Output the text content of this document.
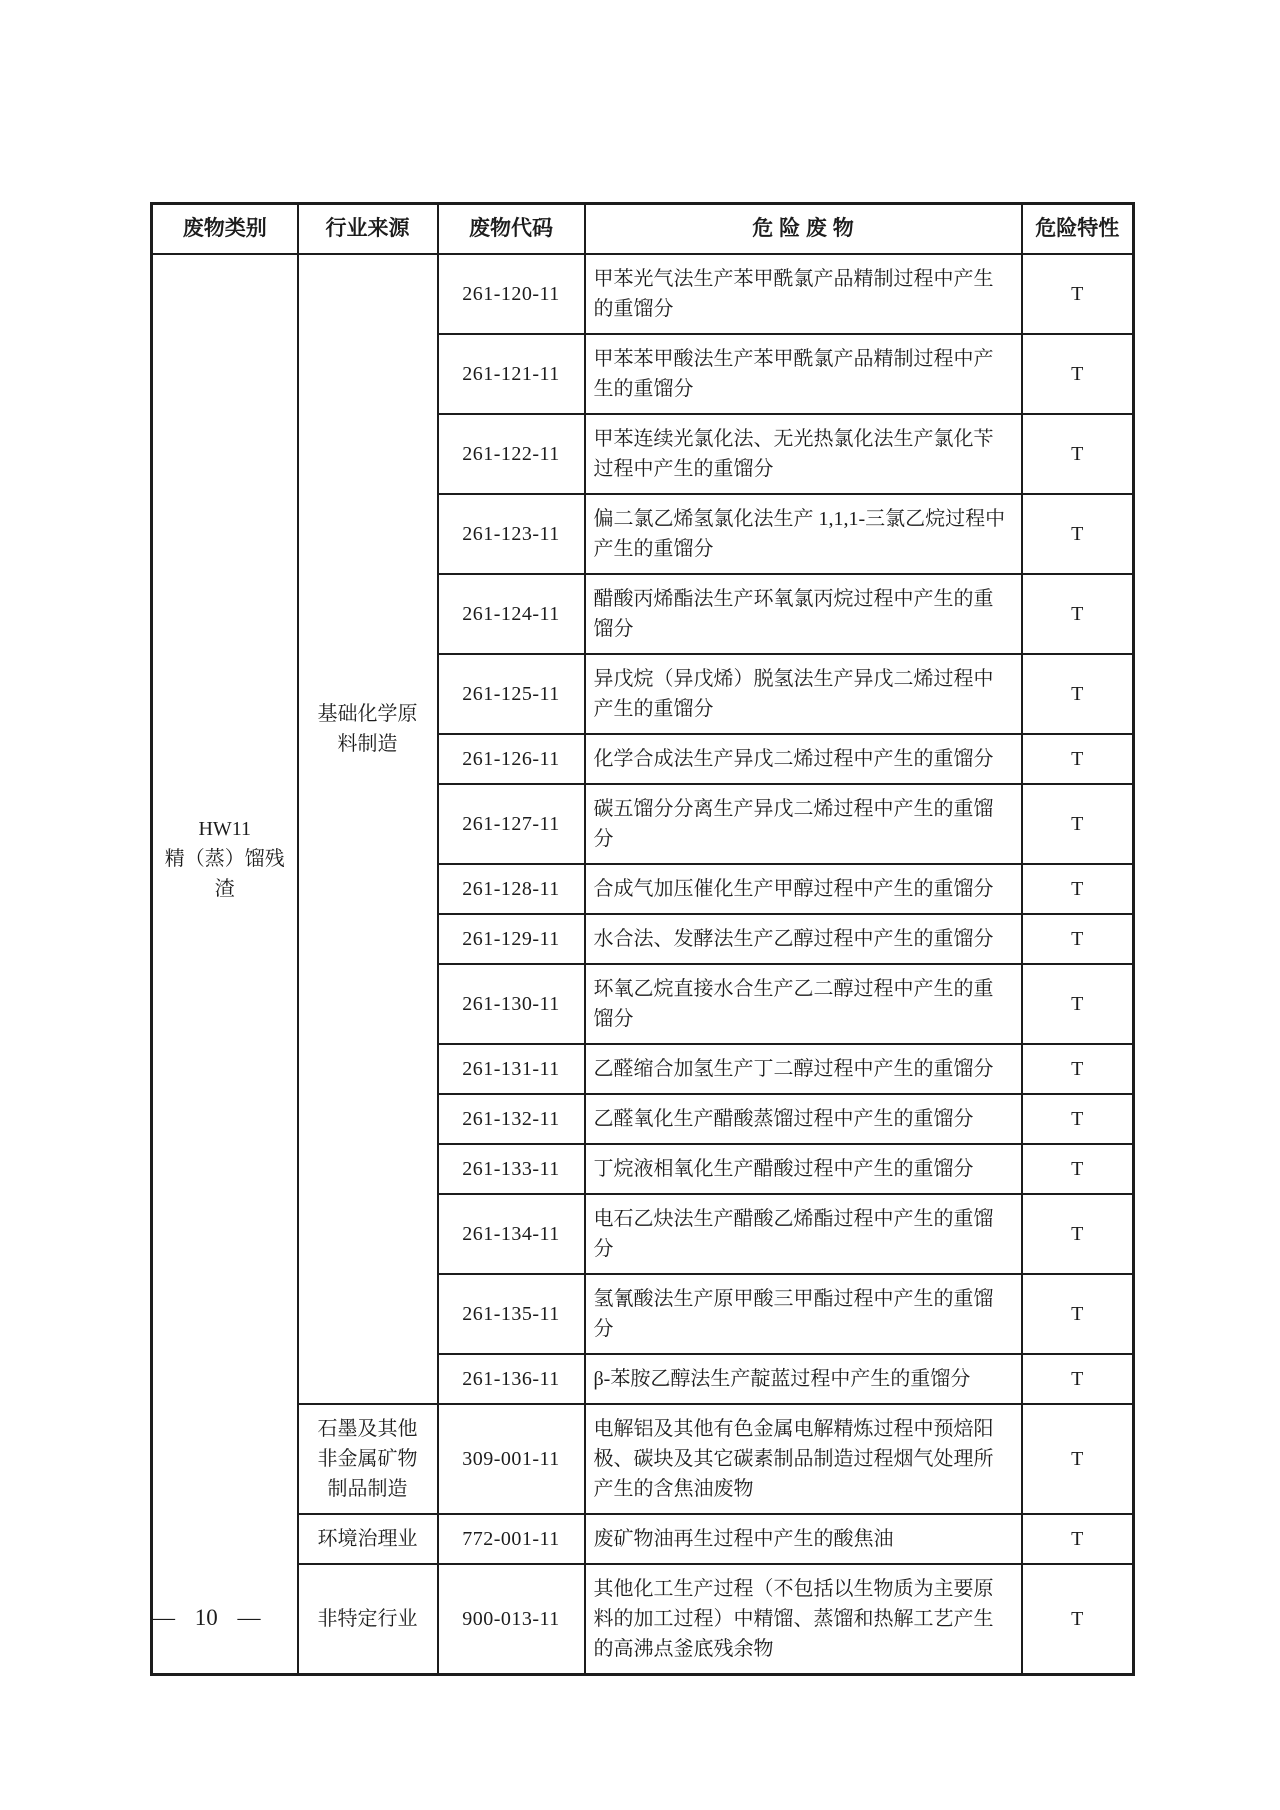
废物类别	行业来源	废物代码	危 险 废 物	危险特性

HW11
精（蒸）馏残渣	基础化学原料制造	261-120-11	甲苯光气法生产苯甲酰氯产品精制过程中产生的重馏分	T
		261-121-11	甲苯苯甲酸法生产苯甲酰氯产品精制过程中产生的重馏分	T
		261-122-11	甲苯连续光氯化法、无光热氯化法生产氯化苄过程中产生的重馏分	T
		261-123-11	偏二氯乙烯氢氯化法生产 1,1,1-三氯乙烷过程中产生的重馏分	T
		261-124-11	醋酸丙烯酯法生产环氧氯丙烷过程中产生的重馏分	T
		261-125-11	异戊烷（异戊烯）脱氢法生产异戊二烯过程中产生的重馏分	T
		261-126-11	化学合成法生产异戊二烯过程中产生的重馏分	T
		261-127-11	碳五馏分分离生产异戊二烯过程中产生的重馏分	T
		261-128-11	合成气加压催化生产甲醇过程中产生的重馏分	T
		261-129-11	水合法、发酵法生产乙醇过程中产生的重馏分	T
		261-130-11	环氧乙烷直接水合生产乙二醇过程中产生的重馏分	T
		261-131-11	乙醛缩合加氢生产丁二醇过程中产生的重馏分	T
		261-132-11	乙醛氧化生产醋酸蒸馏过程中产生的重馏分	T
		261-133-11	丁烷液相氧化生产醋酸过程中产生的重馏分	T
		261-134-11	电石乙炔法生产醋酸乙烯酯过程中产生的重馏分	T
		261-135-11	氢氰酸法生产原甲酸三甲酯过程中产生的重馏分	T
		261-136-11	β-苯胺乙醇法生产靛蓝过程中产生的重馏分	T
	石墨及其他非金属矿物制品制造	309-001-11	电解铝及其他有色金属电解精炼过程中预焙阳极、碳块及其它碳素制品制造过程烟气处理所产生的含焦油废物	T
	环境治理业	772-001-11	废矿物油再生过程中产生的酸焦油	T
	非特定行业	900-013-11	其他化工生产过程（不包括以生物质为主要原料的加工过程）中精馏、蒸馏和热解工艺产生的高沸点釜底残余物	T
— 10 —
